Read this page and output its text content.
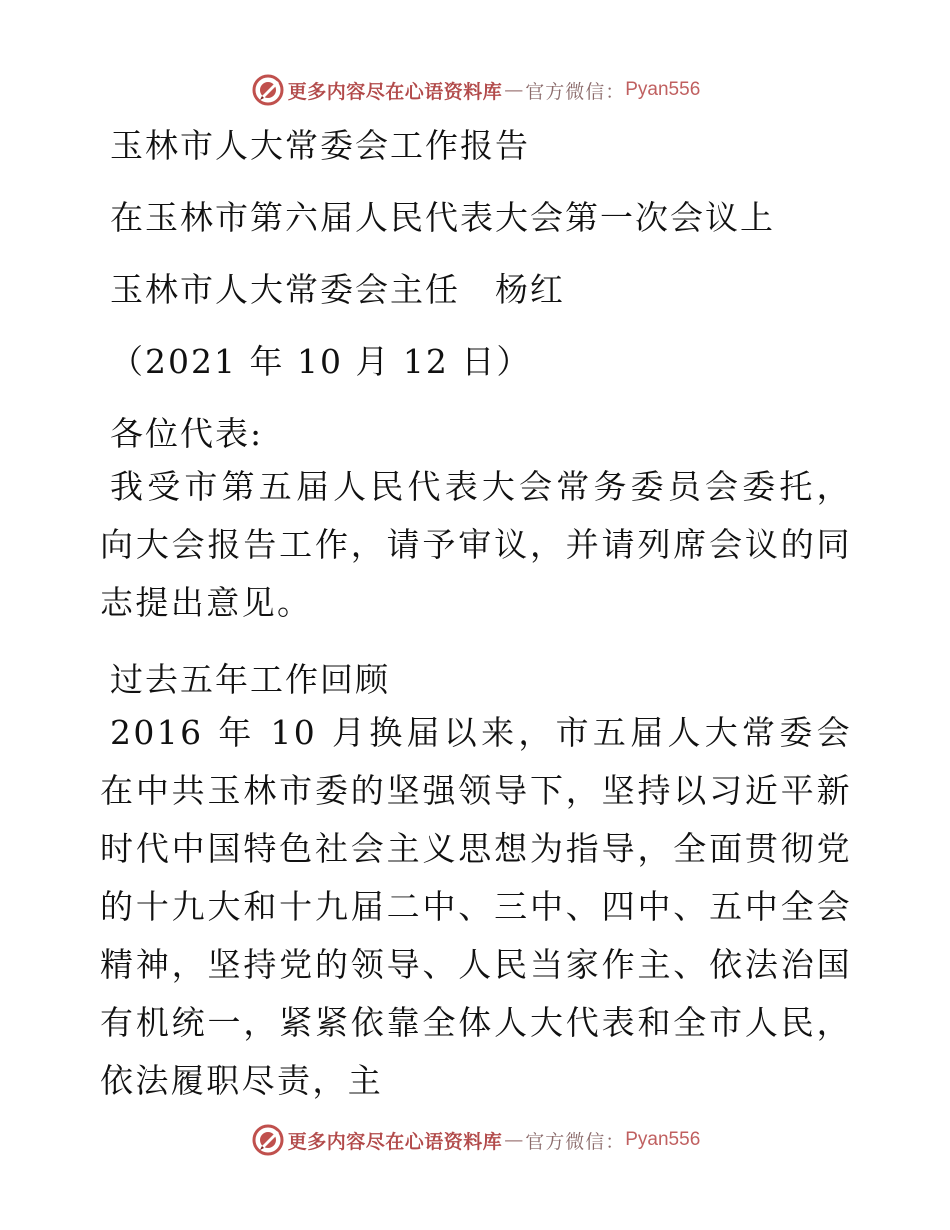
更多内容尽在心语资料库 — 官方微信： Pyan556

玉林市人大常委会工作报告

在玉林市第六届人民代表大会第一次会议上

玉林市人大常委会主任　杨红

（2021 年 10 月 12 日）

各位代表:

我受市第五届人民代表大会常务委员会委托，向大会报告工作，请予审议，并请列席会议的同志提出意见。

过去五年工作回顾

2016 年 10 月换届以来，市五届人大常委会在中共玉林市委的坚强领导下，坚持以习近平新时代中国特色社会主义思想为指导，全面贯彻党的十九大和十九届二中、三中、四中、五中全会精神，坚持党的领导、人民当家作主、依法治国有机统一，紧紧依靠全体人大代表和全市人民，依法履职尽责，主

更多内容尽在心语资料库 — 官方微信： Pyan556
